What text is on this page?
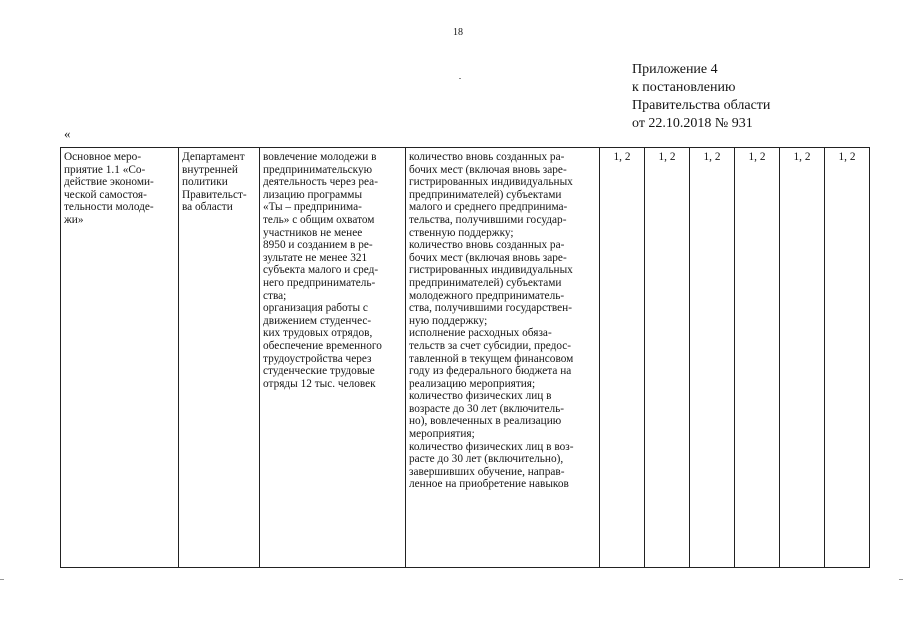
18
Приложение 4
к постановлению
Правительства области
от 22.10.2018 № 931
«
Основное меро-
приятие 1.1 «Со-
действие экономи-
ческой самостоя-
тельности молоде-
жи»

Департамент
внутренней
политики
Правительст-
ва области

вовлечение молодежи в
предпринимательскую
деятельность через реа-
лизацию программы
«Ты – предпринима-
тель» с общим охватом
участников не менее
8950 и созданием в ре-
зультате не менее 321
субъекта малого и сред-
него предприниматель-
ства;
организация работы с
движением студенчес-
ких трудовых отрядов,
обеспечение временного
трудоустройства через
студенческие трудовые
отряды 12 тыс. человек

количество вновь созданных ра-
бочих мест (включая вновь заре-
гистрированных индивидуальных
предпринимателей) субъектами
малого и среднего предпринима-
тельства, получившими государ-
ственную поддержку;
количество вновь созданных ра-
бочих мест (включая вновь заре-
гистрированных индивидуальных
предпринимателей) субъектами
молодежного предприниматель-
ства, получившими государствен-
ную поддержку;
исполнение расходных обяза-
тельств за счет субсидии, предос-
тавленной в текущем финансовом
году из федерального бюджета на
реализацию мероприятия;
количество физических лиц в
возрасте до 30 лет (включитель-
но), вовлеченных в реализацию
мероприятия;
количество физических лиц в воз-
расте до 30 лет (включительно),
завершивших обучение, направ-
ленное на приобретение навыков
	1, 2	1, 2	1, 2	1, 2	1, 2	1, 2
